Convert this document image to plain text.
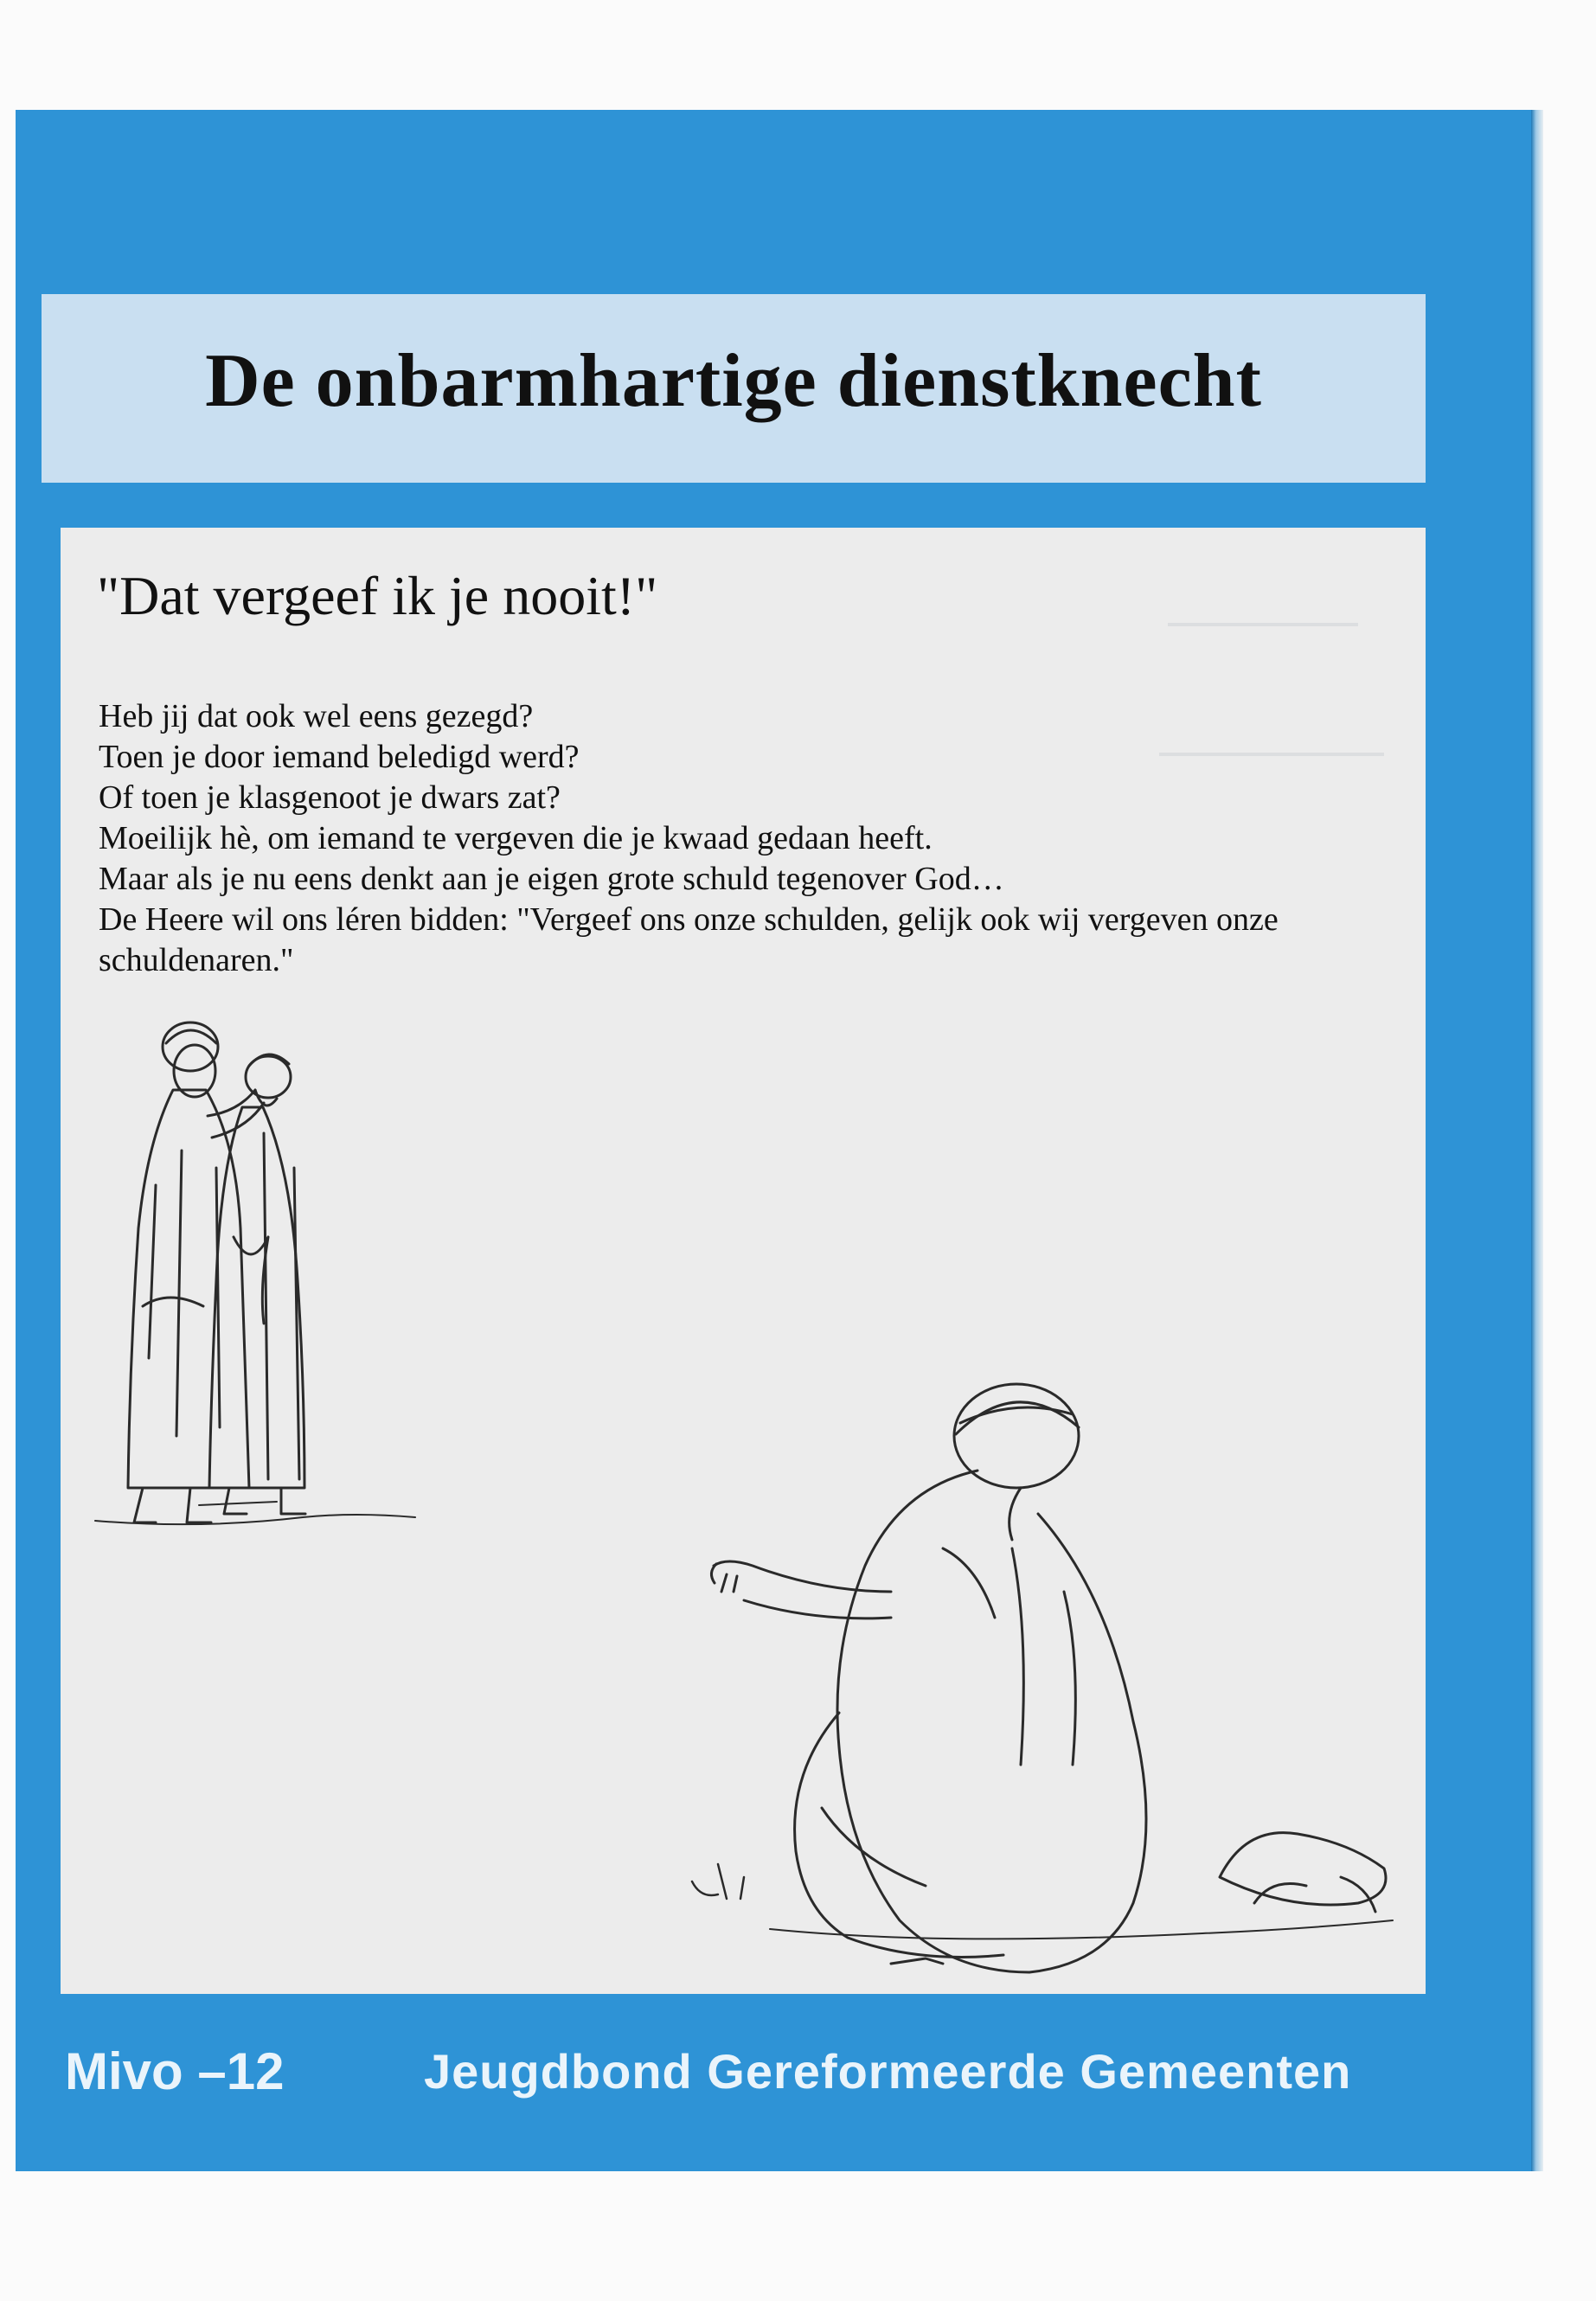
De onbarmhartige dienstknecht
"Dat vergeef ik je nooit!"

Heb jij dat ook wel eens gezegd?

Toen je door iemand beledigd werd?

Of toen je klasgenoot je dwars zat?

Moeilijk hè, om iemand te vergeven die je kwaad gedaan heeft.

Maar als je nu eens denkt aan je eigen grote schuld tegenover God…

De Heere wil ons léren bidden: "Vergeef ons onze schulden, gelijk ook wij vergeven onze schuldenaren."

Mivo –12	Jeugdbond Gereformeerde Gemeenten
